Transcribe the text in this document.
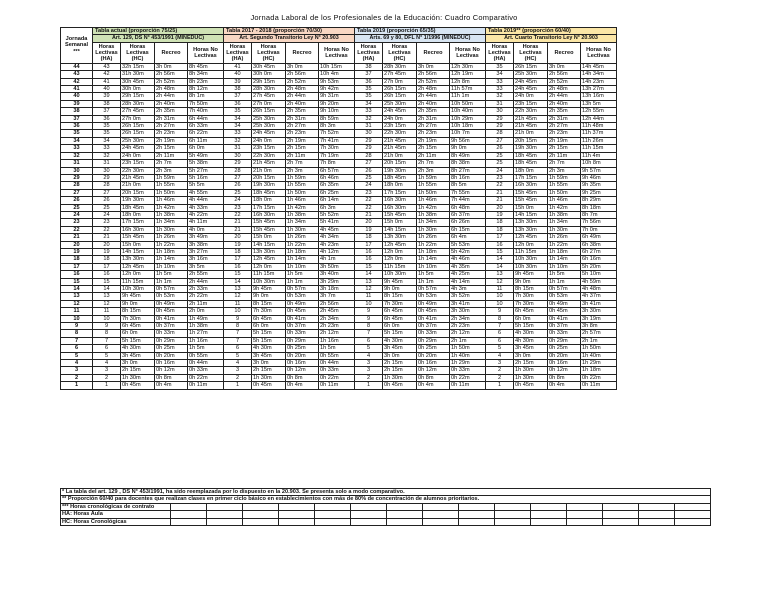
Jornada Laboral de los Profesionales de la Educación: Cuadro Comparativo
Jornada Semanal ***	Tabla actual (proporción 75/25)				Tabla 2017 - 2018 (proporción 70/30)				Tabla 2019 (proporción 65/35)				Tabla 2019** (proporción 60/40)			
	Art. 129, DS N° 453/1991 (MINEDUC)				Art. Segundo Transitorio Ley N° 20.903				Arts. 69 y 80, DFL N° 1/1996 (MINEDUC)				Art. Cuarto Transitorio Ley N° 20.903			
	Horas Lectivas (HA)	Horas Lectivas (HC)	Recreo	Horas No Lectivas	Horas Lectivas (HA)	Horas Lectivas (HC)	Recreo	Horas No Lectivas	Horas Lectivas (HA)	Horas Lectivas (HC)	Recreo	Horas No Lectivas	Horas Lectivas (HA)	Horas Lectivas (HC)	Recreo	Horas No Lectivas
44	43	32h 15m	3h 0m	8h 45m	41	30h 45m	3h 0m	10h 15m	38	28h 30m	3h 0m	12h 30m	35	26h 15m	3h 0m	14h 45m
43	42	31h 30m	2h 56m	8h 34m	40	30h 0m	2h 56m	10h 4m	37	27h 45m	2h 56m	12h 19m	34	25h 30m	2h 56m	14h 34m
42	41	30h 45m	2h 52m	8h 23m	39	29h 15m	2h 52m	9h 53m	36	27h 0m	2h 52m	12h 8m	33	24h 45m	2h 52m	14h 23m
41	40	30h 0m	2h 48m	8h 12m	38	28h 30m	2h 48m	9h 42m	35	26h 15m	2h 48m	11h 57m	33	24h 45m	2h 48m	13h 27m
40	39	29h 15m	2h 44m	8h 1m	37	27h 45m	2h 44m	9h 31m	35	26h 15m	2h 44m	11h 1m	32	24h 0m	2h 44m	13h 16m
39	38	28h 30m	2h 40m	7h 50m	36	27h 0m	2h 40m	9h 20m	34	25h 30m	2h 40m	10h 50m	31	23h 15m	2h 40m	13h 5m
38	37	27h 45m	2h 35m	7h 40m	35	26h 15m	2h 35m	9h 10m	33	24h 45m	2h 35m	10h 40m	30	22h 30m	2h 35m	12h 55m
37	36	27h 0m	2h 31m	6h 44m	34	25h 30m	2h 31m	8h 59m	32	24h 0m	2h 31m	10h 29m	29	21h 45m	2h 31m	12h 44m
36	35	26h 15m	2h 27m	6h 33m	34	25h 30m	2h 27m	8h 3m	31	23h 15m	2h 27m	10h 18m	29	21h 45m	2h 27m	11h 48m
35	35	26h 15m	2h 23m	6h 22m	33	24h 45m	2h 23m	7h 52m	30	22h 30m	2h 23m	10h 7m	28	21h 0m	2h 23m	11h 37m
34	34	25h 30m	2h 19m	6h 11m	32	24h 0m	2h 19m	7h 41m	29	21h 45m	2h 19m	9h 56m	27	20h 15m	2h 19m	11h 26m
33	33	24h 45m	2h 15m	6h 0m	31	23h 15m	2h 15m	7h 30m	29	21h 45m	2h 15m	9h 0m	26	19h 30m	2h 15m	11h 15m
32	32	24h 0m	2h 11m	5h 49m	30	22h 30m	2h 11m	7h 19m	28	21h 0m	2h 11m	8h 49m	25	18h 45m	2h 11m	11h 4m
31	31	23h 15m	2h 7m	5h 38m	29	21h 45m	2h 7m	7h 8m	27	20h 15m	2h 7m	8h 38m	25	18h 45m	2h 7m	10h 8m
30	30	22h 30m	2h 3m	5h 27m	28	21h 0m	2h 3m	6h 57m	26	19h 30m	2h 3m	8h 27m	24	18h 0m	2h 3m	9h 57m
29	29	21h 45m	1h 59m	5h 16m	27	20h 15m	1h 59m	6h 46m	25	18h 45m	1h 59m	8h 16m	23	17h 15m	1h 59m	9h 46m
28	28	21h 0m	1h 55m	5h 5m	26	19h 30m	1h 55m	6h 35m	24	18h 0m	1h 55m	8h 5m	22	16h 30m	1h 55m	9h 35m
27	27	20h 15m	1h 50m	4h 55m	25	18h 45m	1h 50m	6h 25m	23	17h 15m	1h 50m	7h 55m	21	15h 45m	1h 50m	9h 25m
26	26	19h 30m	1h 46m	4h 44m	24	18h 0m	1h 46m	6h 14m	22	16h 30m	1h 46m	7h 44m	21	15h 45m	1h 46m	8h 29m
25	25	18h 45m	1h 42m	4h 33m	23	17h 15m	1h 42m	6h 3m	22	16h 30m	1h 42m	6h 48m	20	15h 0m	1h 42m	8h 18m
24	24	18h 0m	1h 38m	4h 22m	22	16h 30m	1h 38m	5h 52m	21	15h 45m	1h 38m	6h 37m	19	14h 15m	1h 38m	8h 7m
23	23	17h 15m	1h 34m	4h 11m	21	15h 45m	1h 34m	5h 41m	20	15h 0m	1h 34m	6h 26m	18	13h 30m	1h 34m	7h 56m
22	22	16h 30m	1h 30m	4h 0m	21	15h 45m	1h 30m	4h 45m	19	14h 15m	1h 30m	6h 15m	18	13h 30m	1h 30m	7h 0m
21	21	15h 45m	1h 26m	3h 49m	20	15h 0m	1h 26m	4h 34m	18	13h 30m	1h 26m	6h 4m	17	12h 45m	1h 26m	6h 49m
20	20	15h 0m	1h 22m	3h 38m	19	14h 15m	1h 22m	4h 23m	17	12h 45m	1h 22m	5h 53m	16	12h 0m	1h 22m	6h 38m
19	19	14h 15m	1h 18m	3h 27m	18	13h 30m	1h 18m	4h 12m	16	12h 0m	1h 18m	5h 42m	15	11h 15m	1h 18m	6h 27m
18	18	13h 30m	1h 14m	3h 16m	17	12h 45m	1h 14m	4h 1m	16	12h 0m	1h 14m	4h 46m	14	10h 30m	1h 14m	6h 16m
17	17	12h 45m	1h 10m	3h 5m	16	12h 0m	1h 10m	3h 50m	15	11h 15m	1h 10m	4h 35m	14	10h 30m	1h 10m	5h 20m
16	16	12h 0m	1h 5m	2h 55m	15	11h 15m	1h 5m	3h 40m	14	10h 30m	1h 5m	4h 25m	13	9h 45m	1h 5m	5h 10m
15	15	11h 15m	1h 1m	2h 44m	14	10h 30m	1h 1m	3h 29m	13	9h 45m	1h 1m	4h 14m	12	9h 0m	1h 1m	4h 59m
14	14	10h 30m	0h 57m	2h 33m	13	9h 45m	0h 57m	3h 18m	12	9h 0m	0h 57m	4h 3m	11	8h 15m	0h 57m	4h 48m
13	13	9h 45m	0h 53m	2h 22m	12	9h 0m	0h 53m	3h 7m	11	8h 15m	0h 53m	3h 52m	10	7h 30m	0h 53m	4h 37m
12	12	9h 0m	0h 49m	2h 11m	11	8h 15m	0h 49m	2h 56m	10	7h 30m	0h 49m	3h 41m	10	7h 30m	0h 49m	3h 41m
11	11	8h 15m	0h 45m	2h 0m	10	7h 30m	0h 45m	2h 45m	9	6h 45m	0h 45m	3h 30m	9	6h 45m	0h 45m	3h 30m
10	10	7h 30m	0h 41m	1h 49m	9	6h 45m	0h 41m	2h 34m	9	6h 45m	0h 41m	2h 34m	8	6h 0m	0h 41m	3h 19m
9	9	6h 45m	0h 37m	1h 38m	8	6h 0m	0h 37m	2h 23m	8	6h 0m	0h 37m	2h 23m	7	5h 15m	0h 37m	3h 8m
8	8	6h 0m	0h 33m	1h 27m	7	5h 15m	0h 33m	2h 12m	7	5h 15m	0h 33m	2h 12m	6	4h 30m	0h 33m	2h 57m
7	7	5h 15m	0h 29m	1h 16m	7	5h 15m	0h 29m	1h 16m	6	4h 30m	0h 29m	2h 1m	6	4h 30m	0h 29m	2h 1m
6	6	4h 30m	0h 25m	1h 5m	6	4h 30m	0h 25m	1h 5m	5	3h 45m	0h 25m	1h 50m	5	3h 45m	0h 25m	1h 50m
5	5	3h 45m	0h 20m	0h 55m	5	3h 45m	0h 20m	0h 55m	4	3h 0m	0h 20m	1h 40m	4	3h 0m	0h 20m	1h 40m
4	4	3h 0m	0h 16m	0h 44m	4	3h 0m	0h 16m	0h 44m	3	2h 15m	0h 16m	1h 29m	3	2h 15m	0h 16m	1h 29m
3	3	2h 15m	0h 12m	0h 33m	3	2h 15m	0h 12m	0h 33m	3	2h 15m	0h 12m	0h 33m	2	1h 30m	0h 12m	1h 18m
2	2	1h 30m	0h 8m	0h 22m	2	1h 30m	0h 8m	0h 22m	2	1h 30m	0h 8m	0h 22m	2	1h 30m	0h 8m	0h 22m
1	1	0h 45m	0h 4m	0h 11m	1	0h 45m	0h 4m	0h 11m	1	0h 45m	0h 4m	0h 11m	1	0h 45m	0h 4m	0h 11m
* La tabla del art. 129 , DS N° 453/1991, ha sido reemplazada por lo dispuesto en la 20.903. Se presenta solo a modo comparativo.															
** Proporción 60/40 para docentes que realizan clases en primer ciclo básico en establecimientos con más de 80% de concentración de alumnos prioritarios.															
*** Horas cronológicas de contrato															
HA: Horas Aula															
HC: Horas Cronológicas															
